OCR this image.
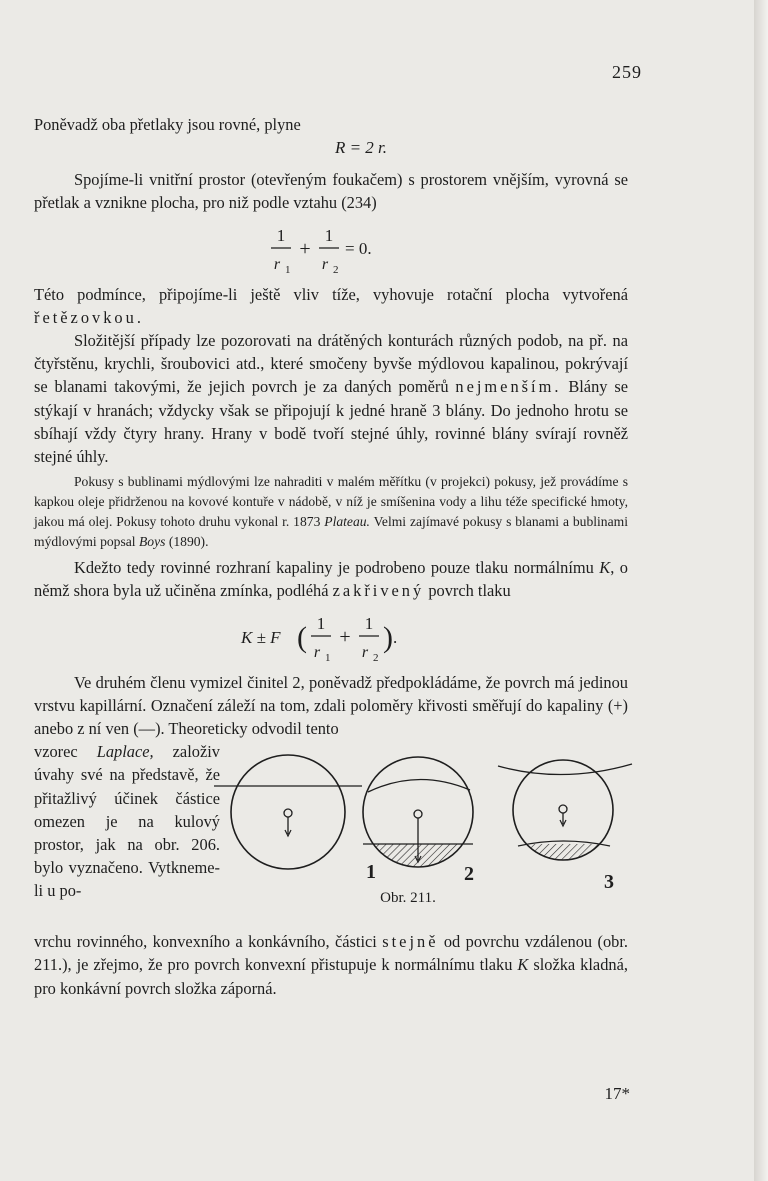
259

Poněvadž oba přetlaky jsou rovné, plyne

R = 2 r.

Spojíme-li vnitřní prostor (otevřeným foukačem) s prostorem vnějším, vyrovná se přetlak a vznikne plocha, pro niž podle vztahu (234)

1
r 1
+
1
r 2
= 0.

Této podmínce, připojíme-li ještě vliv tíže, vyhovuje rotační plocha vytvořená řetězovkou.

Složitější případy lze pozorovati na drátěných konturách různých podob, na př. na čtyřstěnu, krychli, šroubovici atd., které smočeny byvše mýdlovou kapalinou, pokrývají se blanami takovými, že jejich povrch je za daných poměrů nejmenším. Blány se stýkají v hranách; vždycky však se připojují k jedné hraně 3 blány. Do jednoho hrotu se sbíhají vždy čtyry hrany. Hrany v bodě tvoří stejné úhly, rovinné blány svírají rovněž stejné úhly.

Pokusy s bublinami mýdlovými lze nahraditi v malém měřítku (v projekci) pokusy, jež provádíme s kapkou oleje přidrženou na kovové kontuře v nádobě, v níž je smíšenina vody a lihu téže specifické hmoty, jakou má olej. Pokusy tohoto druhu vykonal r. 1873 Plateau. Velmi zajímavé pokusy s blanami a bublinami mýdlovými popsal Boys (1890).

Kdežto tedy rovinné rozhraní kapaliny je podrobeno pouze tlaku normálnímu K, o němž shora byla už učiněna zmínka, podléhá zakřivený povrch tlaku

K ± F ( 1
r 1
+
1
r 2
) .

Ve druhém členu vymizel činitel 2, poněvadž předpokládáme, že povrch má jedinou vrstvu kapillární. Označení záleží na tom, zdali poloměry křivosti směřují do kapaliny (+) anebo z ní ven (—). Theoreticky odvodil tento

vzorec Laplace, založiv úvahy své na představě, že přitažlivý účinek částice omezen je na kulový prostor, jak na obr. 206. bylo vyznačeno. Vytkneme-li u po-

1	2	3
Obr. 211.

vrchu rovinného, konvexního a konkávního, částici stejně od povrchu vzdálenou (obr. 211.), je zřejmo, že pro povrch konvexní přistupuje k normálnímu tlaku K složka kladná, pro konkávní povrch složka záporná.

17*
